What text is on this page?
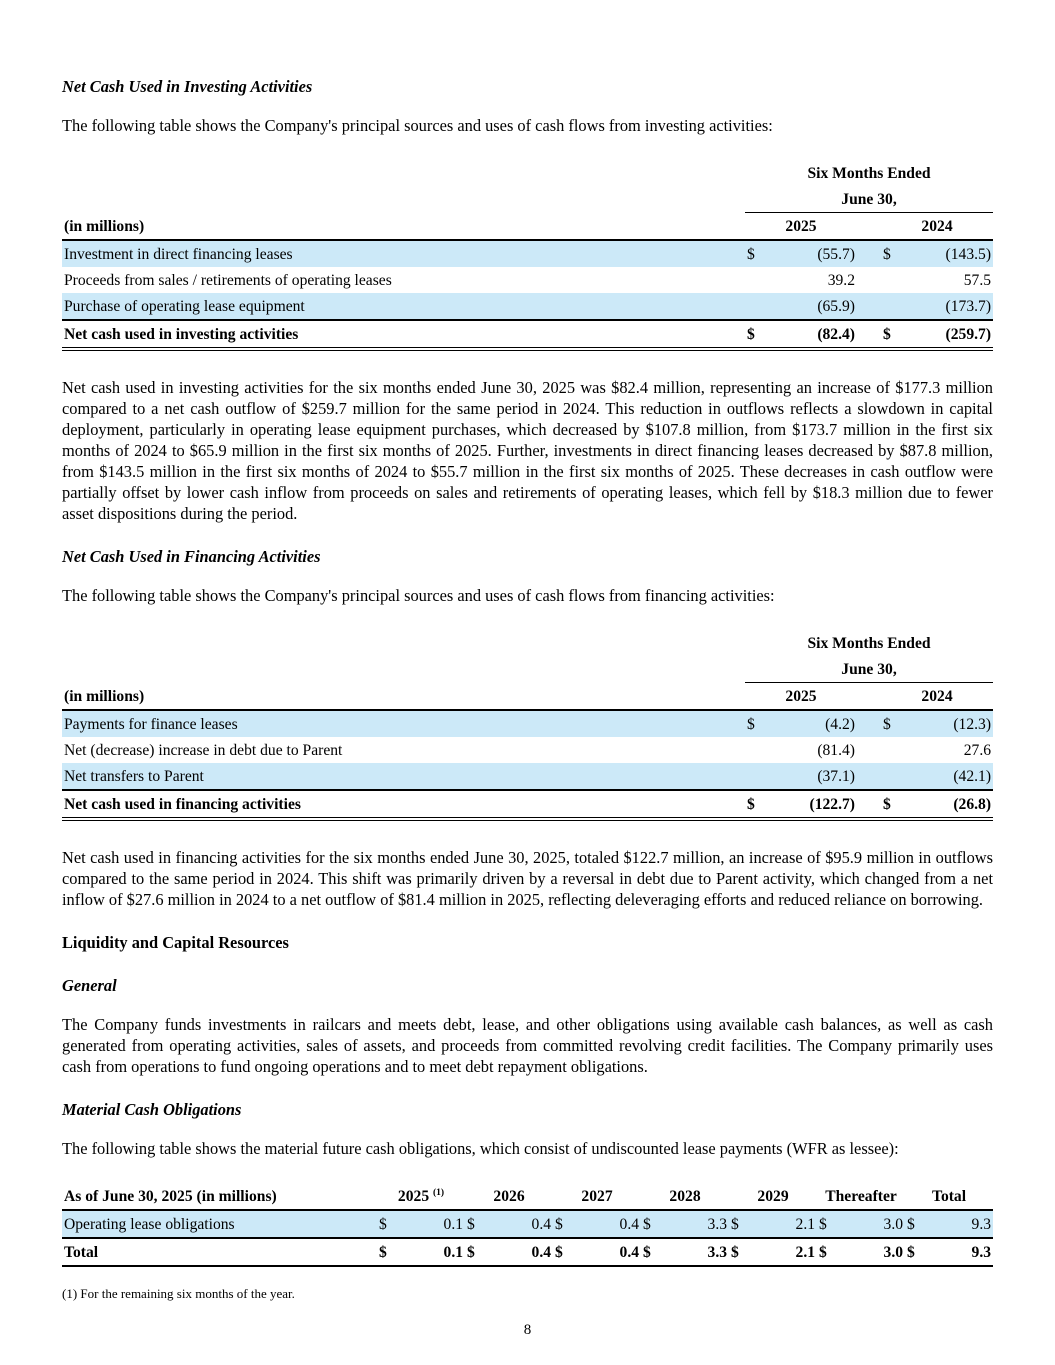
Net Cash Used in Investing Activities

The following table shows the Company's principal sources and uses of cash flows from investing activities:

	Six Months Ended				
	June 30,				
(in millions)	2025			2024	
Investment in direct financing leases	$	(55.7)		$	(143.5)
Proceeds from sales / retirements of operating leases		39.2			57.5
Purchase of operating lease equipment		(65.9)			(173.7)
Net cash used in investing activities	$	(82.4)		$	(259.7)

Net cash used in investing activities for the six months ended June 30, 2025 was $82.4 million, representing an increase of $177.3 million compared to a net cash outflow of $259.7 million for the same period in 2024. This reduction in outflows reflects a slowdown in capital deployment, particularly in operating lease equipment purchases, which decreased by $107.8 million, from $173.7 million in the first six months of 2024 to $65.9 million in the first six months of 2025. Further, investments in direct financing leases decreased by $87.8 million, from $143.5 million in the first six months of 2024 to $55.7 million in the first six months of 2025. These decreases in cash outflow were partially offset by lower cash inflow from proceeds on sales and retirements of operating leases, which fell by $18.3 million due to fewer asset dispositions during the period.

Net Cash Used in Financing Activities

The following table shows the Company's principal sources and uses of cash flows from financing activities:

	Six Months Ended				
	June 30,				
(in millions)	2025			2024	
Payments for finance leases	$	(4.2)		$	(12.3)
Net (decrease) increase in debt due to Parent		(81.4)			27.6
Net transfers to Parent		(37.1)			(42.1)
Net cash used in financing activities	$	(122.7)		$	(26.8)

Net cash used in financing activities for the six months ended June 30, 2025, totaled $122.7 million, an increase of $95.9 million in outflows compared to the same period in 2024. This shift was primarily driven by a reversal in debt due to Parent activity, which changed from a net inflow of $27.6 million in 2024 to a net outflow of $81.4 million in 2025, reflecting deleveraging efforts and reduced reliance on borrowing.

Liquidity and Capital Resources
General

The Company funds investments in railcars and meets debt, lease, and other obligations using available cash balances, as well as cash generated from operating activities, sales of assets, and proceeds from committed revolving credit facilities. The Company primarily uses cash from operations to fund ongoing operations and to meet debt repayment obligations.

Material Cash Obligations

The following table shows the material future cash obligations, which consist of undiscounted lease payments (WFR as lessee):

As of June 30, 2025 (in millions)	2025 $^{(1)}$		2026		2027		2028		2029		Thereafter		Total	
Operating lease obligations	$	0.1	$	0.4	$	0.4	$	3.3	$	2.1	$	3.0	$	9.3
Total	$	0.1	$	0.4	$	0.4	$	3.3	$	2.1	$	3.0	$	9.3

(1) For the remaining six months of the year.

8
